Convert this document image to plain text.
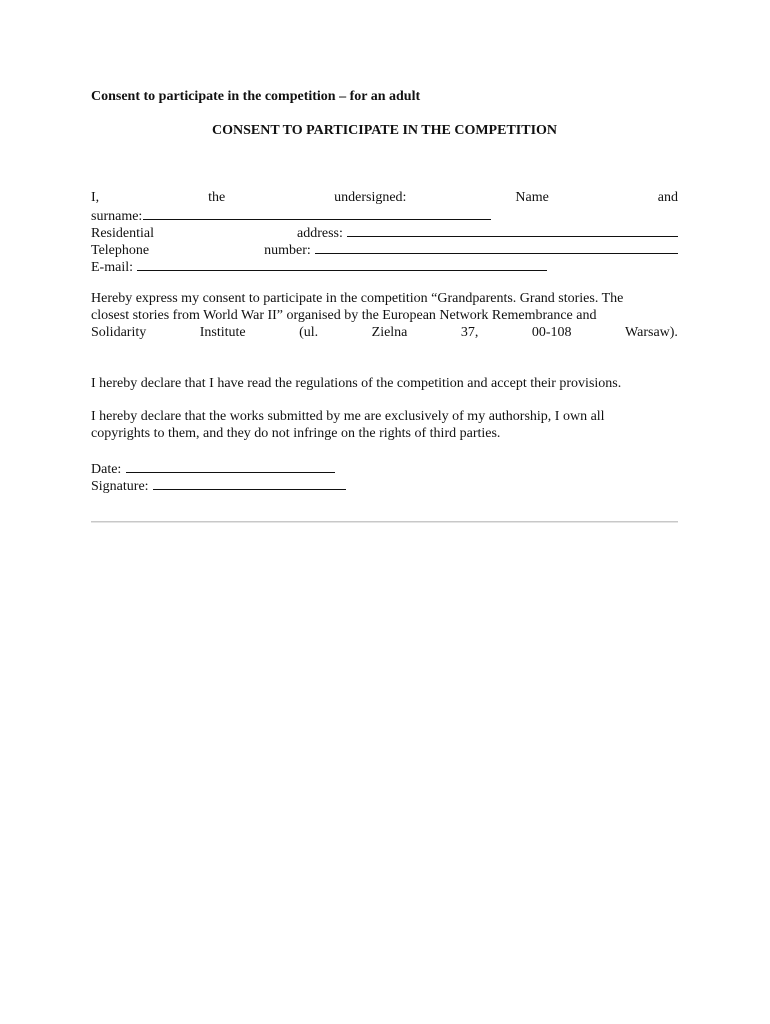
Consent to participate in the competition – for an adult
CONSENT TO PARTICIPATE IN THE COMPETITION
I,	the	undersigned:	Name	and
surname:
Residential	address:
Telephone	number:
E-mail:
Hereby express my consent to participate in the competition “Grandparents. Grand stories. The
closest stories from World War II” organised by the European Network Remembrance and
Solidarity	Institute	(ul.	Zielna	37,	00-108	Warsaw).
I hereby declare that I have read the regulations of the competition and accept their provisions.
I hereby declare that the works submitted by me are exclusively of my authorship, I own all
copyrights to them, and they do not infringe on the rights of third parties.
Date:
Signature:
